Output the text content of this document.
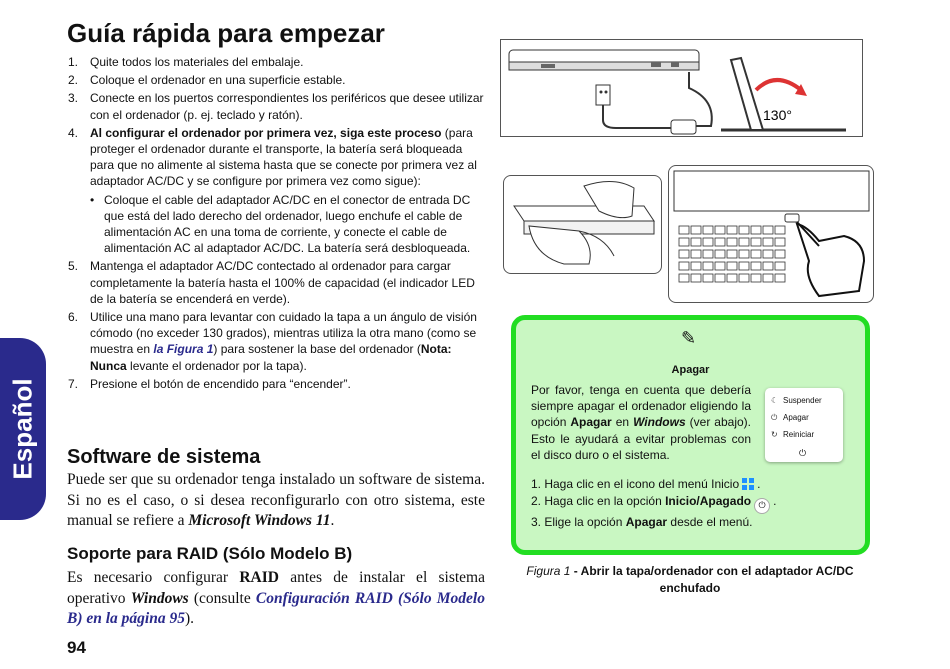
Español
Guía rápida para empezar
1. Quite todos los materiales del embalaje.
2. Coloque el ordenador en una superficie estable.
3. Conecte en los puertos correspondientes los periféricos que desee utilizar con el ordenador (p. ej. teclado y ratón).
4. Al configurar el ordenador por primera vez, siga este proceso (para proteger el ordenador durante el transporte, la batería será bloqueada para que no alimente al sistema hasta que se conecte por primera vez al adaptador AC/DC y se configure por primera vez como sigue):
• Coloque el cable del adaptador AC/DC en el conector de entrada DC que está del lado derecho del ordenador, luego enchufe el cable de alimentación AC en una toma de corriente, y conecte el cable de alimentación AC al adaptador AC/DC. La batería será desbloqueada.
5. Mantenga el adaptador AC/DC contectado al ordenador para cargar completamente la batería hasta el 100% de capacidad (el indicador LED de la batería se encenderá en verde).
6. Utilice una mano para levantar con cuidado la tapa a un ángulo de visión cómodo (no exceder 130 grados), mientras utiliza la otra mano (como se muestra en la Figura 1) para sostener la base del ordenador (Nota: Nunca levante el ordenador por la tapa).
7. Presione el botón de encendido para “encender”.
Software de sistema
Puede ser que su ordenador tenga instalado un software de sistema. Si no es el caso, o si desea reconfigurarlo con otro sistema, este manual se refiere a Microsoft Windows 11.
Soporte para RAID (Sólo Modelo B)
Es necesario configurar RAID antes de instalar el sistema operativo Windows (consulte Configuración RAID (Sólo Modelo B) en la página 95).
94
130°
✎
Apagar
Por favor, tenga en cuenta que debería siempre apagar el ordenador eligiendo la opción Apagar en Windows (ver abajo). Esto le ayudará a evitar problemas con el disco duro o el sistema.
☾ Suspender
⏻ Apagar
↻ Reiniciar
⏻
1. Haga clic en el icono del menú Inicio .
2. Haga clic en la opción Inicio/Apagado ⏻ .
3. Elige la opción Apagar desde el menú.
Figura 1 - Abrir la tapa/ordenador con el adaptador AC/DC enchufado
